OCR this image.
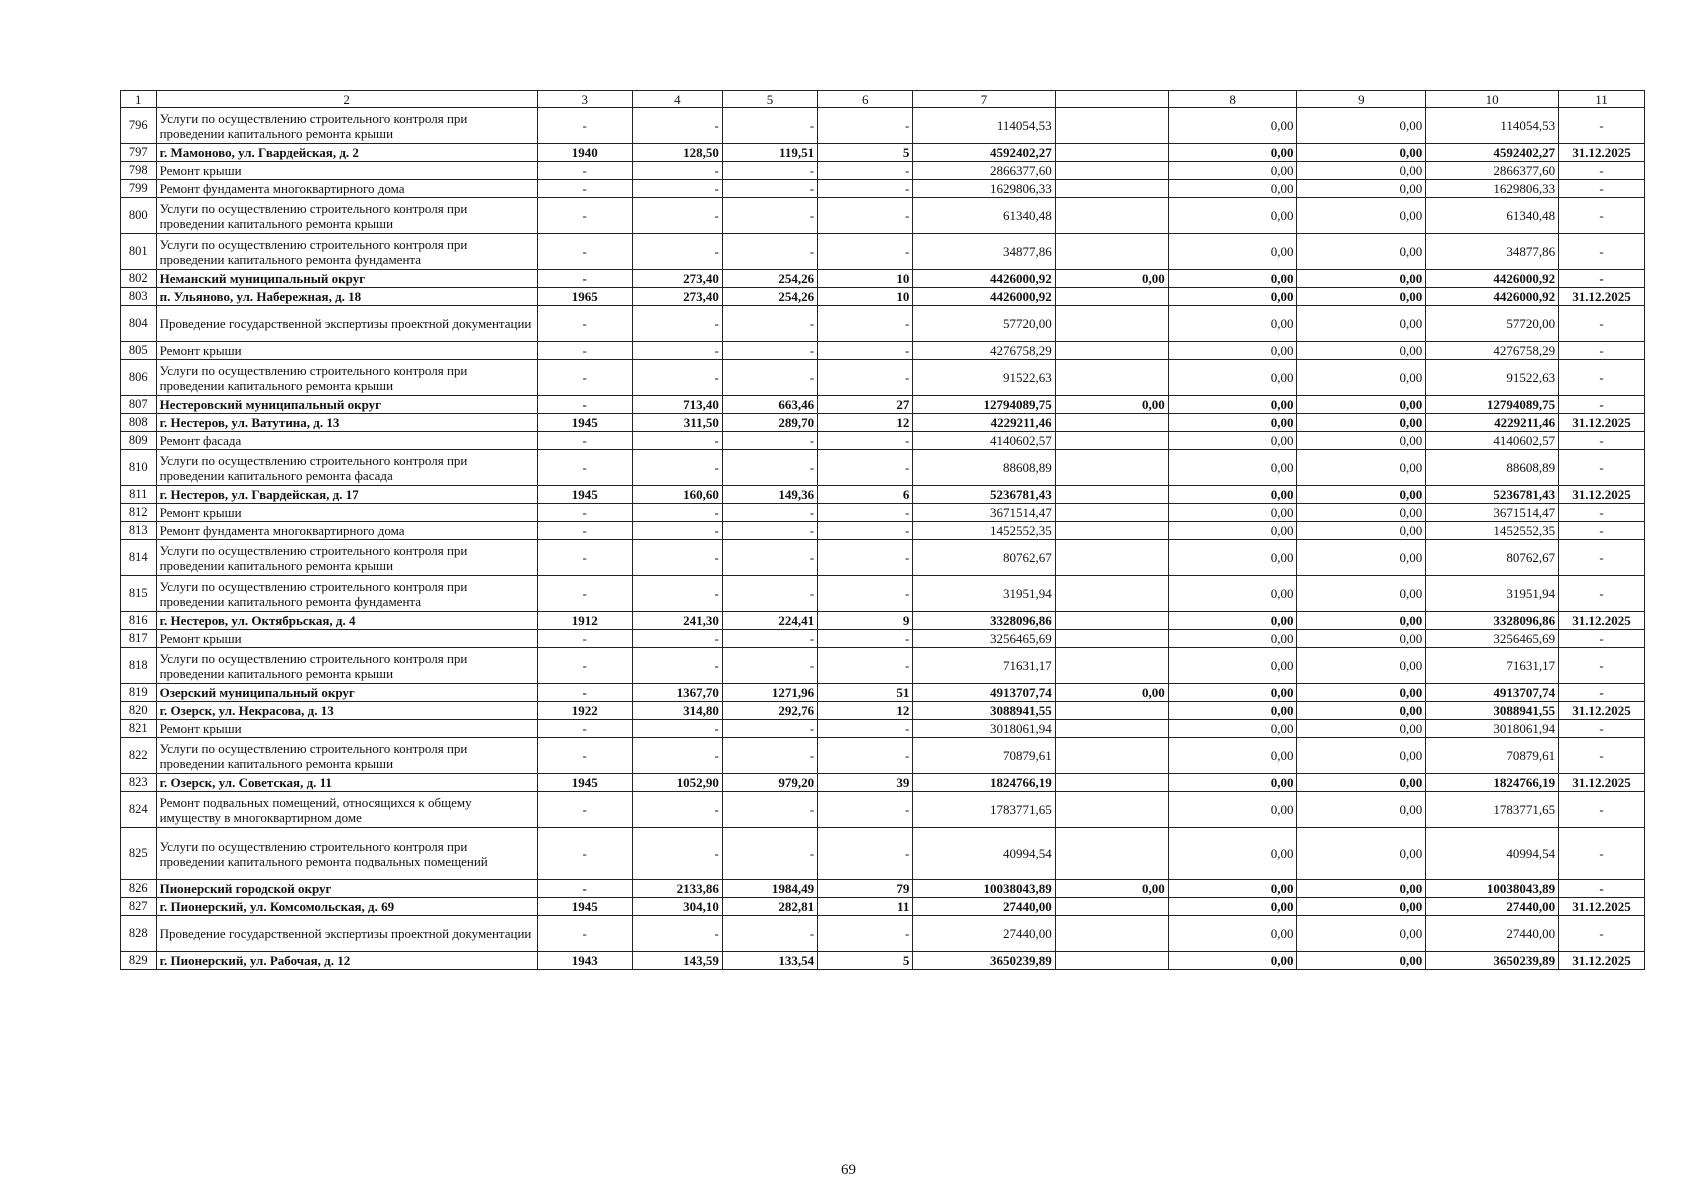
1	2	3	4	5	6	7		8	9	10	11
796	Услуги по осуществлению строительного контроля при проведении капитального ремонта крыши	-	-	-	-	114054,53		0,00	0,00	114054,53	-
797	г. Мамоново, ул. Гвардейская, д. 2	1940	128,50	119,51	5	4592402,27		0,00	0,00	4592402,27	31.12.2025
798	Ремонт крыши	-	-	-	-	2866377,60		0,00	0,00	2866377,60	-
799	Ремонт фундамента многоквартирного дома	-	-	-	-	1629806,33		0,00	0,00	1629806,33	-
800	Услуги по осуществлению строительного контроля при проведении капитального ремонта крыши	-	-	-	-	61340,48		0,00	0,00	61340,48	-
801	Услуги по осуществлению строительного контроля при проведении капитального ремонта фундамента	-	-	-	-	34877,86		0,00	0,00	34877,86	-
802	Неманский муниципальный округ	-	273,40	254,26	10	4426000,92	0,00	0,00	0,00	4426000,92	-
803	п. Ульяново, ул. Набережная, д. 18	1965	273,40	254,26	10	4426000,92		0,00	0,00	4426000,92	31.12.2025
804	Проведение государственной экспертизы проектной документации	-	-	-	-	57720,00		0,00	0,00	57720,00	-
805	Ремонт крыши	-	-	-	-	4276758,29		0,00	0,00	4276758,29	-
806	Услуги по осуществлению строительного контроля при проведении капитального ремонта крыши	-	-	-	-	91522,63		0,00	0,00	91522,63	-
807	Нестеровский муниципальный округ	-	713,40	663,46	27	12794089,75	0,00	0,00	0,00	12794089,75	-
808	г. Нестеров, ул. Ватутина, д. 13	1945	311,50	289,70	12	4229211,46		0,00	0,00	4229211,46	31.12.2025
809	Ремонт фасада	-	-	-	-	4140602,57		0,00	0,00	4140602,57	-
810	Услуги по осуществлению строительного контроля при проведении капитального ремонта фасада	-	-	-	-	88608,89		0,00	0,00	88608,89	-
811	г. Нестеров, ул. Гвардейская, д. 17	1945	160,60	149,36	6	5236781,43		0,00	0,00	5236781,43	31.12.2025
812	Ремонт крыши	-	-	-	-	3671514,47		0,00	0,00	3671514,47	-
813	Ремонт фундамента многоквартирного дома	-	-	-	-	1452552,35		0,00	0,00	1452552,35	-
814	Услуги по осуществлению строительного контроля при проведении капитального ремонта крыши	-	-	-	-	80762,67		0,00	0,00	80762,67	-
815	Услуги по осуществлению строительного контроля при проведении капитального ремонта фундамента	-	-	-	-	31951,94		0,00	0,00	31951,94	-
816	г. Нестеров, ул. Октябрьская, д. 4	1912	241,30	224,41	9	3328096,86		0,00	0,00	3328096,86	31.12.2025
817	Ремонт крыши	-	-	-	-	3256465,69		0,00	0,00	3256465,69	-
818	Услуги по осуществлению строительного контроля при проведении капитального ремонта крыши	-	-	-	-	71631,17		0,00	0,00	71631,17	-
819	Озерский муниципальный округ	-	1367,70	1271,96	51	4913707,74	0,00	0,00	0,00	4913707,74	-
820	г. Озерск, ул. Некрасова, д. 13	1922	314,80	292,76	12	3088941,55		0,00	0,00	3088941,55	31.12.2025
821	Ремонт крыши	-	-	-	-	3018061,94		0,00	0,00	3018061,94	-
822	Услуги по осуществлению строительного контроля при проведении капитального ремонта крыши	-	-	-	-	70879,61		0,00	0,00	70879,61	-
823	г. Озерск, ул. Советская, д. 11	1945	1052,90	979,20	39	1824766,19		0,00	0,00	1824766,19	31.12.2025
824	Ремонт подвальных помещений, относящихся к общему имуществу в многоквартирном доме	-	-	-	-	1783771,65		0,00	0,00	1783771,65	-
825	Услуги по осуществлению строительного контроля при проведении капитального ремонта подвальных помещений	-	-	-	-	40994,54		0,00	0,00	40994,54	-
826	Пионерский городской округ	-	2133,86	1984,49	79	10038043,89	0,00	0,00	0,00	10038043,89	-
827	г. Пионерский, ул. Комсомольская, д. 69	1945	304,10	282,81	11	27440,00		0,00	0,00	27440,00	31.12.2025
828	Проведение государственной экспертизы проектной документации	-	-	-	-	27440,00		0,00	0,00	27440,00	-
829	г. Пионерский, ул. Рабочая, д. 12	1943	143,59	133,54	5	3650239,89		0,00	0,00	3650239,89	31.12.2025
69
